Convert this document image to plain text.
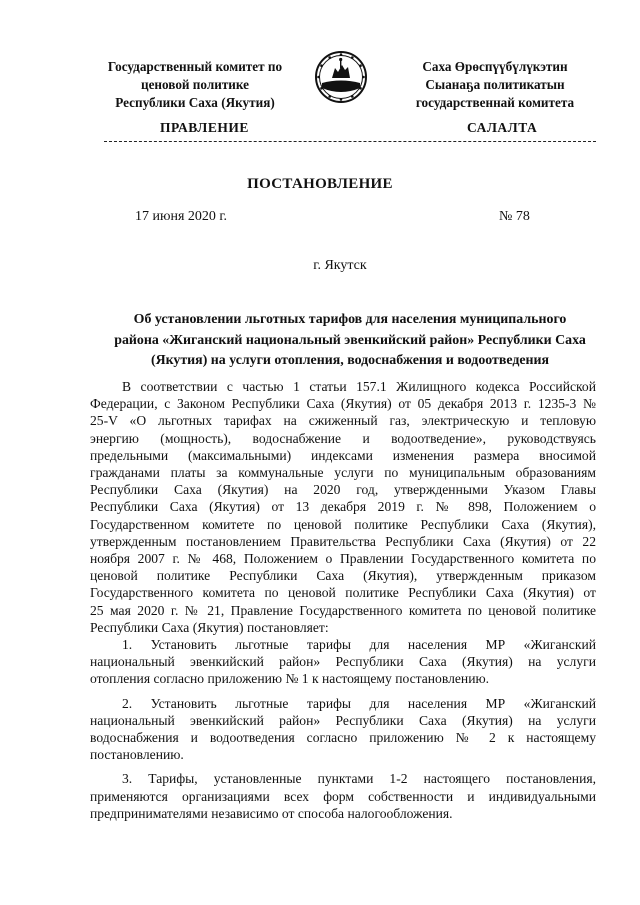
Государственный комитет по
ценовой политике
Республики Саха (Якутия)
Саха Өрөспүүбүлүкэтин
Сыанаҕа политикатын
государственнай комитета
ПРАВЛЕНИЕ	САЛАЛТА
ПОСТАНОВЛЕНИЕ
17 июня 2020 г.	№ 78
г. Якутск
Об установлении льготных тарифов для населения муниципального
района «Жиганский национальный эвенкийский район» Республики Саха
(Якутия) на услуги отопления, водоснабжения и водоотведения
В соответствии с частью 1 статьи 157.1 Жилищного кодекса Российской
Федерации, с Законом Республики Саха (Якутия) от 05 декабря 2013 г. 1235-3 №
25-V «О льготных тарифах на сжиженный газ, электрическую и тепловую
энергию (мощность), водоснабжение и водоотведение», руководствуясь
предельными (максимальными) индексами изменения размера вносимой
гражданами платы за коммунальные услуги по муниципальным образованиям
Республики Саха (Якутия) на 2020 год, утвержденными Указом Главы
Республики Саха (Якутия) от 13 декабря 2019 г. № 898, Положением о
Государственном комитете по ценовой политике Республики Саха (Якутия),
утвержденным постановлением Правительства Республики Саха (Якутия) от 22
ноября 2007 г. № 468, Положением о Правлении Государственного комитета по
ценовой политике Республики Саха (Якутия), утвержденным приказом
Государственного комитета по ценовой политике Республики Саха (Якутия) от
25 мая 2020 г. № 21, Правление Государственного комитета по ценовой политике
Республики Саха (Якутия) постановляет:
1. Установить льготные тарифы для населения МР «Жиганский
национальный эвенкийский район» Республики Саха (Якутия) на услуги
отопления согласно приложению № 1 к настоящему постановлению.
2. Установить льготные тарифы для населения МР «Жиганский
национальный эвенкийский район» Республики Саха (Якутия) на услуги
водоснабжения и водоотведения согласно приложению № 2 к настоящему
постановлению.
3. Тарифы, установленные пунктами 1-2 настоящего постановления,
применяются организациями всех форм собственности и индивидуальными
предпринимателями независимо от способа налогообложения.
